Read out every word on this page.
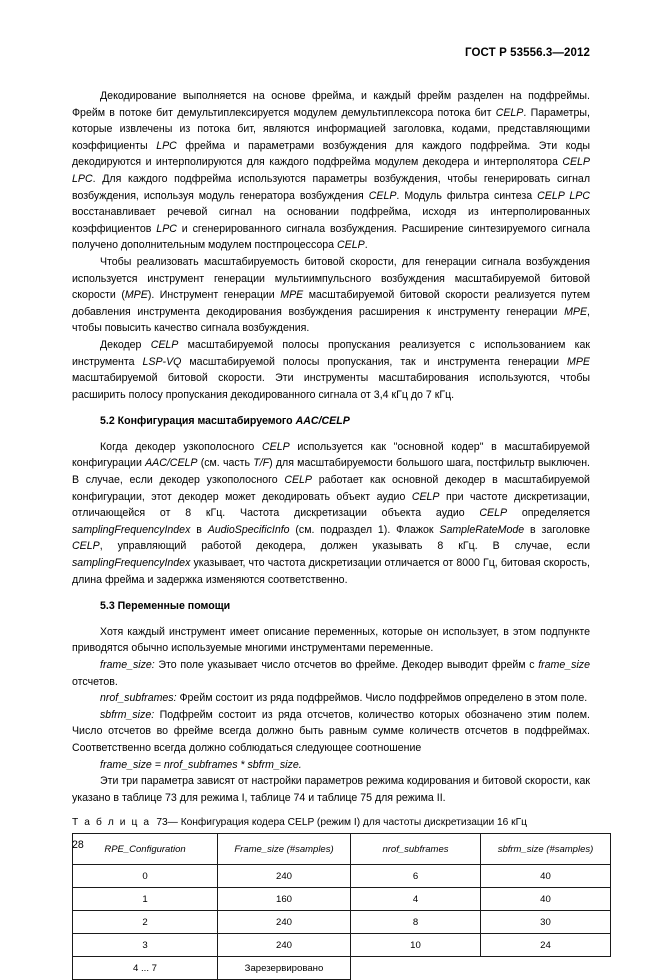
ГОСТ Р 53556.3—2012

Декодирование выполняется на основе фрейма, и каждый фрейм разделен на подфреймы. Фрейм в потоке бит демультиплексируется модулем демультиплексора потока бит CELP. Параметры, которые извлечены из потока бит, являются информацией заголовка, кодами, представляющими коэффициенты LPC фрейма и параметрами возбуждения для каждого подфрейма. Эти коды декодируются и интерполируются для каждого подфрейма модулем декодера и интерполятора CELP LPC. Для каждого подфрейма используются параметры возбуждения, чтобы генерировать сигнал возбуждения, используя модуль генератора возбуждения CELP. Модуль фильтра синтеза CELP LPC восстанавливает речевой сигнал на основании подфрейма, исходя из интерполированных коэффициентов LPC и сгенерированного сигнала возбуждения. Расширение синтезируемого сигнала получено дополнительным модулем постпроцессора CELP.

Чтобы реализовать масштабируемость битовой скорости, для генерации сигнала возбуждения используется инструмент генерации мультиимпульсного возбуждения масштабируемой битовой скорости (MPE). Инструмент генерации MPE масштабируемой битовой скорости реализуется путем добавления инструмента декодирования возбуждения расширения к инструменту генерации MPE, чтобы повысить качество сигнала возбуждения.

Декодер CELP масштабируемой полосы пропускания реализуется с использованием как инструмента LSP-VQ масштабируемой полосы пропускания, так и инструмента генерации MPE масштабируемой битовой скорости. Эти инструменты масштабирования используются, чтобы расширить полосу пропускания декодированного сигнала от 3,4 кГц до 7 кГц.

5.2 Конфигурация масштабируемого AAC/CELP

Когда декодер узкополосного CELP используется как "основной кодер" в масштабируемой конфигурации AAC/CELP (см. часть T/F) для масштабируемости большого шага, постфильтр выключен. В случае, если декодер узкополосного CELP работает как основной декодер в масштабируемой конфигурации, этот декодер может декодировать объект аудио CELP при частоте дискретизации, отличающейся от 8 кГц. Частота дискретизации объекта аудио CELP определяется samplingFrequencyIndex в AudioSpecificInfo (см. подраздел 1). Флажок SampleRateMode в заголовке CELP, управляющий работой декодера, должен указывать 8 кГц. В случае, если samplingFrequencyIndex указывает, что частота дискретизации отличается от 8000 Гц, битовая скорость, длина фрейма и задержка изменяются соответственно.

5.3 Переменные помощи

Хотя каждый инструмент имеет описание переменных, которые он использует, в этом подпункте приводятся обычно используемые многими инструментами переменные.

frame_size: Это поле указывает число отсчетов во фрейме. Декодер выводит фрейм с frame_size отсчетов.

nrof_subframes: Фрейм состоит из ряда подфреймов. Число подфреймов определено в этом поле.

sbfrm_size: Подфрейм состоит из ряда отсчетов, количество которых обозначено этим полем. Число отсчетов во фрейме всегда должно быть равным сумме количеств отсчетов в подфреймах. Соответственно всегда должно соблюдаться следующее соотношение

frame_size = nrof_subframes * sbfrm_size.

Эти три параметра зависят от настройки параметров режима кодирования и битовой скорости, как указано в таблице 73 для режима I, таблице 74 и таблице 75 для режима II.

Т а б л и ц а 73— Конфигурация кодера CELP (режим I) для частоты дискретизации 16 кГц

RPE_Configuration	Frame_size (#samples)	nrof_subframes	sbfrm_size (#samples)
0	240	6	40
1	160	4	40
2	240	8	30
3	240	10	24
4 ... 7	Зарезервировано		
28
